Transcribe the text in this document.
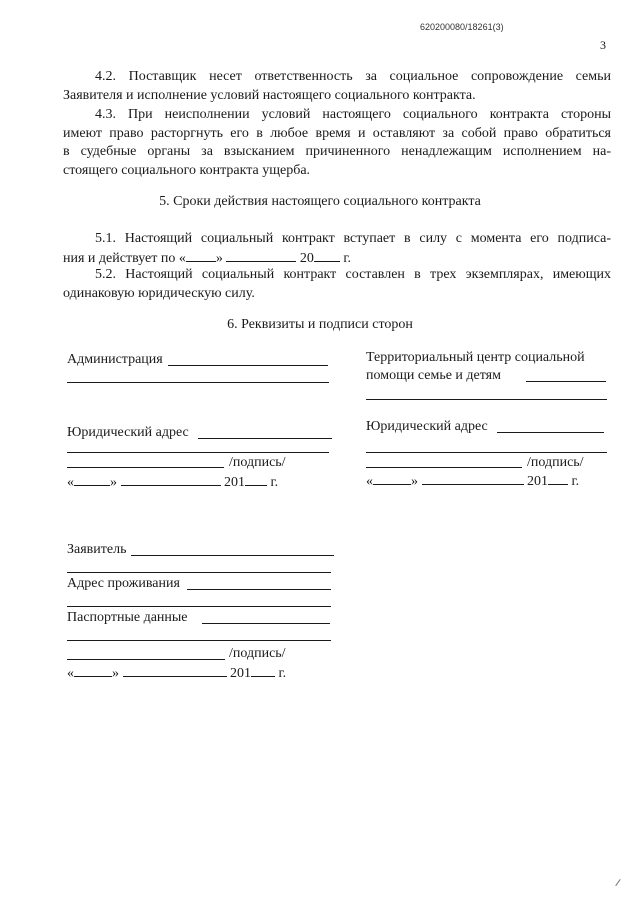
620200080/18261(3)
3
4.2. Поставщик несет ответственность за социальное сопровождение семьи
Заявителя и исполнение условий настоящего социального контракта.
4.3. При неисполнении условий настоящего социального контракта стороны
имеют право расторгнуть его в любое время и оставляют за собой право обратиться
в судебные органы за взысканием причиненного ненадлежащим исполнением на-
стоящего социального контракта ущерба.
5. Сроки действия настоящего социального контракта
5.1. Настоящий социальный контракт вступает в силу с момента его подписа-
ния и действует по « »	20 г.
5.2. Настоящий социальный контракт составлен в трех экземплярах, имеющих
одинаковую юридическую силу.
6. Реквизиты и подписи сторон
Администрация
Юридический адрес
/подпись/
«	»	201 г.
Территориальный центр социальной
помощи семье и детям
Юридический адрес
/подпись/
«	»	201 г.
Заявитель
Адрес проживания
Паспортные данные
/подпись/
«	»	201 г.
